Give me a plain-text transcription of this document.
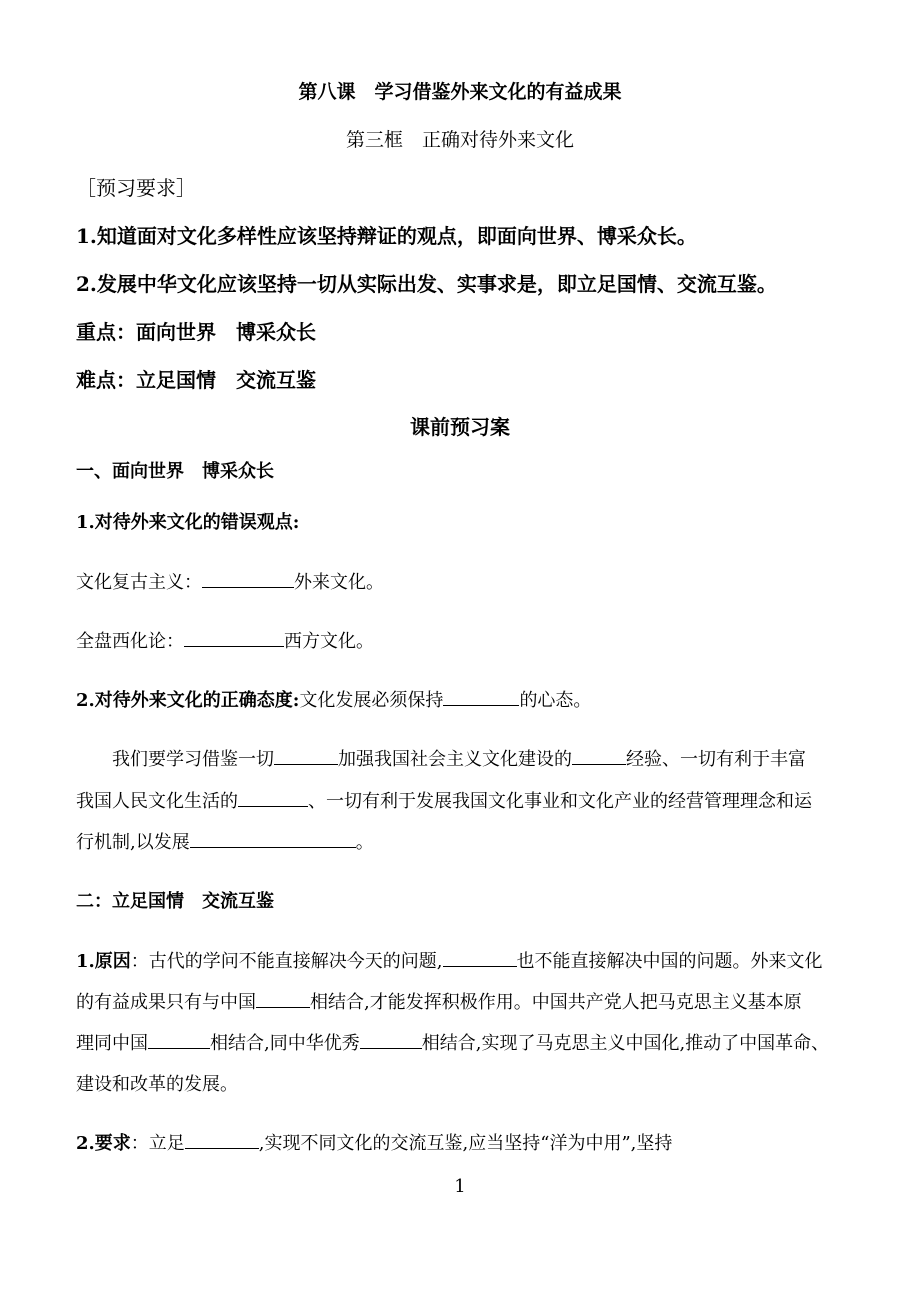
第八课　学习借鉴外来文化的有益成果
第三框　正确对待外来文化
［预习要求］
1.知道面对文化多样性应该坚持辩证的观点，即面向世界、博采众长。
2.发展中华文化应该坚持一切从实际出发、实事求是，即立足国情、交流互鉴。
重点：面向世界　博采众长
难点：立足国情　交流互鉴
课前预习案
一、面向世界　博采众长
1.对待外来文化的错误观点:
文化复古主义：	外来文化。
全盘西化论：	西方文化。
2.对待外来文化的正确态度:文化发展必须保持	的心态。
我们要学习借鉴一切	加强我国社会主义文化建设的	经验、一切有利于丰富
我国人民文化生活的	、一切有利于发展我国文化事业和文化产业的经营管理理念和运
行机制,以发展	。
二：立足国情　交流互鉴
1.原因：古代的学问不能直接解决今天的问题,	也不能直接解决中国的问题。外来文化
的有益成果只有与中国	相结合,才能发挥积极作用。中国共产党人把马克思主义基本原
理同中国	相结合,同中华优秀	相结合,实现了马克思主义中国化,推动了中国革命、
建设和改革的发展。
2.要求：立足	,实现不同文化的交流互鉴,应当坚持“洋为中用”,坚持
1
